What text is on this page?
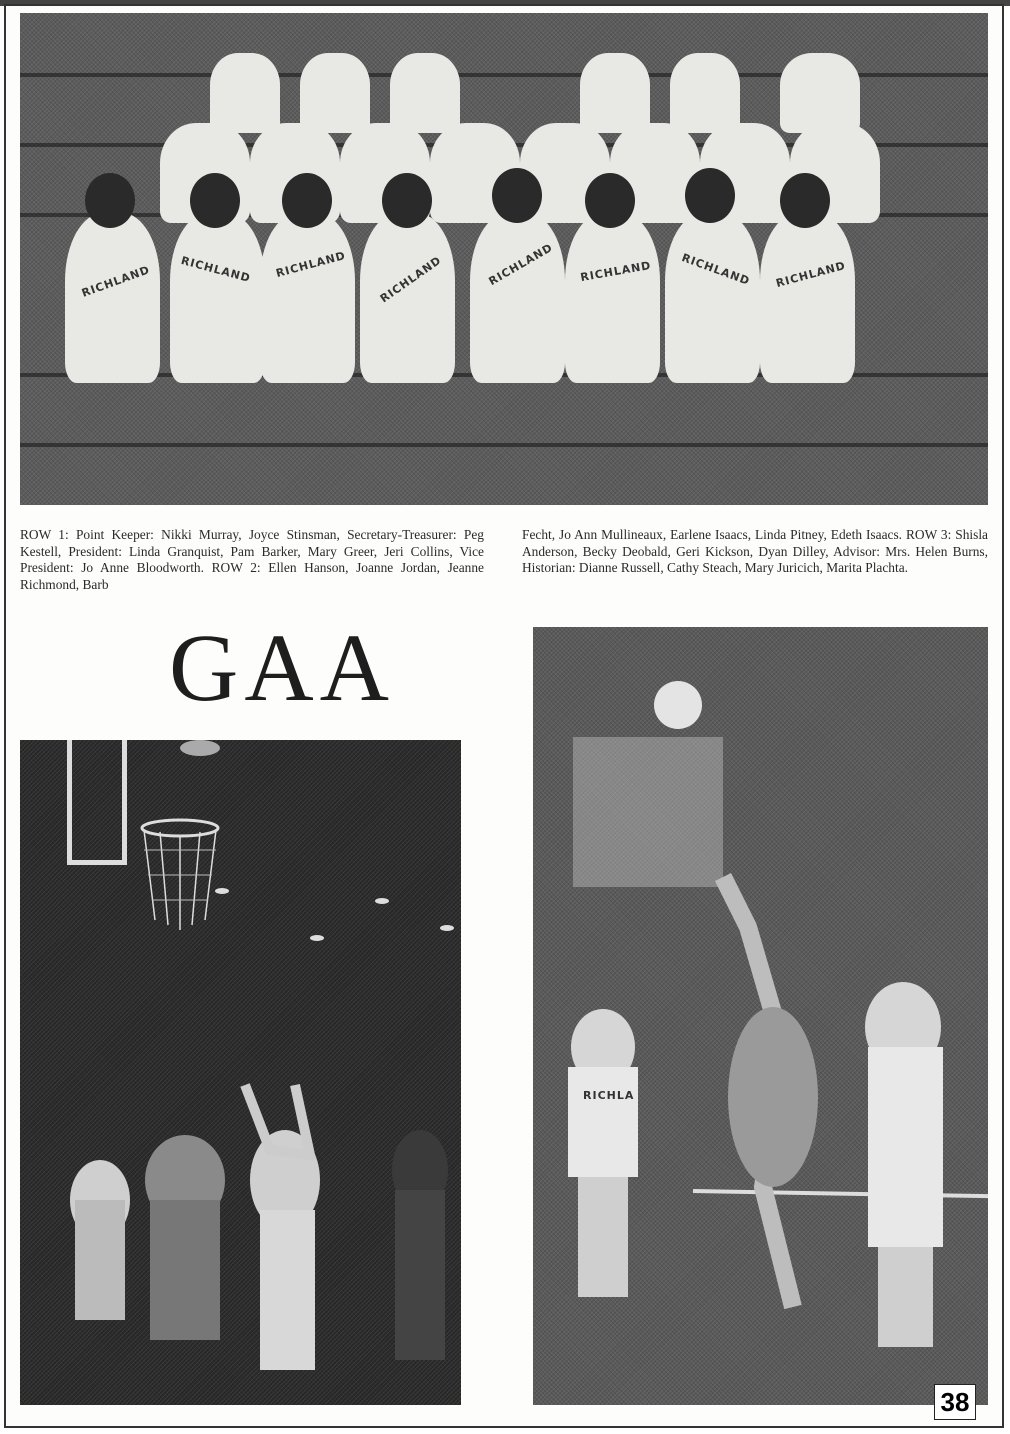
RICHLAND	RICHLAND RICHLAND	RICHLAND	RICHLAND RICHLAND	RICHLAND RICHLAND
ROW 1: Point Keeper: Nikki Murray, Joyce Stinsman, Secretary-Treasurer: Peg Kestell, President: Linda Granquist, Pam Barker, Mary Greer, Jeri Collins, Vice President: Jo Anne Bloodworth. ROW 2: Ellen Hanson, Joanne Jordan, Jeanne Richmond, Barb
Fecht, Jo Ann Mullineaux, Earlene Isaacs, Linda Pitney, Edeth Isaacs. ROW 3: Shisla Anderson, Becky Deobald, Geri Kickson, Dyan Dilley, Advisor: Mrs. Helen Burns, Historian: Dianne Russell, Cathy Steach, Mary Juricich, Marita Plachta.
GAA
RICHLA
38
